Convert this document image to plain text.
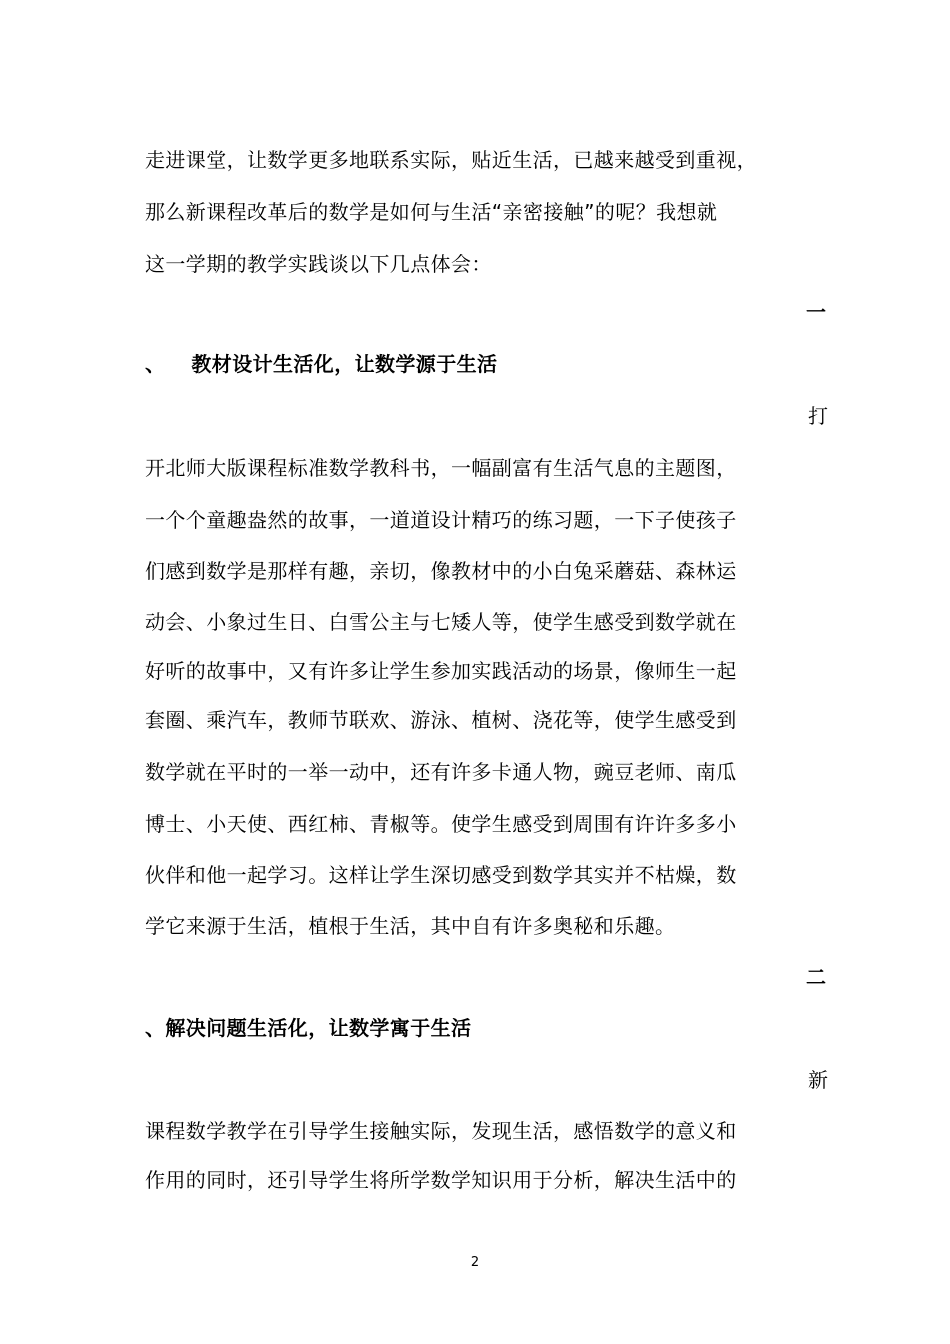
走进课堂，让数学更多地联系实际，贴近生活，已越来越受到重视，
那么新课程改革后的数学是如何与生活“亲密接触”的呢？我想就
这一学期的教学实践谈以下几点体会：
一
、 教材设计生活化，让数学源于生活
打
开北师大版课程标准数学教科书，一幅副富有生活气息的主题图，
一个个童趣盎然的故事，一道道设计精巧的练习题，一下子使孩子
们感到数学是那样有趣，亲切，像教材中的小白兔采蘑菇、森林运
动会、小象过生日、白雪公主与七矮人等，使学生感受到数学就在
好听的故事中，又有许多让学生参加实践活动的场景，像师生一起
套圈、乘汽车，教师节联欢、游泳、植树、浇花等，使学生感受到
数学就在平时的一举一动中，还有许多卡通人物，豌豆老师、南瓜
博士、小天使、西红柿、青椒等。使学生感受到周围有许许多多小
伙伴和他一起学习。这样让学生深切感受到数学其实并不枯燥，数
学它来源于生活，植根于生活，其中自有许多奥秘和乐趣。
二
、解决问题生活化，让数学寓于生活
新
课程数学教学在引导学生接触实际，发现生活，感悟数学的意义和
作用的同时，还引导学生将所学数学知识用于分析，解决生活中的
2
